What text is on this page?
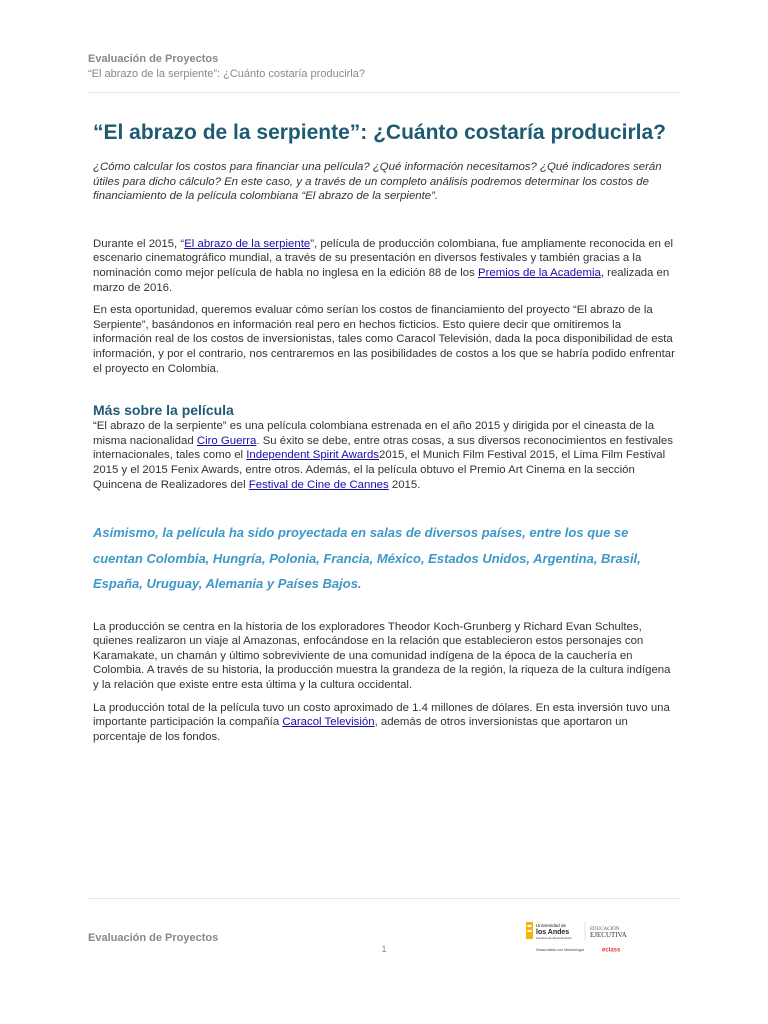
Evaluación de Proyectos
“El abrazo de la serpiente”: ¿Cuánto costaría producirla?
“El abrazo de la serpiente”: ¿Cuánto costaría producirla?

¿Cómo calcular los costos para financiar una película? ¿Qué información necesitamos? ¿Qué indicadores serán útiles para dicho cálculo? En este caso, y a través de un completo análisis podremos determinar los costos de financiamiento de la película colombiana “El abrazo de la serpiente”.

Durante el 2015, “El abrazo de la serpiente”, película de producción colombiana, fue ampliamente reconocida en el escenario cinematográfico mundial, a través de su presentación en diversos festivales y también gracias a la nominación como mejor película de habla no inglesa en la edición 88 de los Premios de la Academia, realizada en marzo de 2016.

En esta oportunidad, queremos evaluar cómo serían los costos de financiamiento del proyecto “El abrazo de la Serpiente”, basándonos en información real pero en hechos ficticios. Esto quiere decir que omitiremos la información real de los costos de inversionistas, tales como Caracol Televisión, dada la poca disponibilidad de esta información, y por el contrario, nos centraremos en las posibilidades de costos a los que se habría podido enfrentar el proyecto en Colombia.

Más sobre la película

“El abrazo de la serpiente” es una película colombiana estrenada en el año 2015 y dirigida por el cineasta de la misma nacionalidad Ciro Guerra. Su éxito se debe, entre otras cosas, a sus diversos reconocimientos en festivales internacionales, tales como el Independent Spirit Awards2015, el Munich Film Festival 2015, el Lima Film Festival 2015 y el 2015 Fenix Awards, entre otros. Además, el la película obtuvo el Premio Art Cinema en la sección Quincena de Realizadores del Festival de Cine de Cannes 2015.

Asimismo, la película ha sido proyectada en salas de diversos países, entre los que se cuentan Colombia, Hungría, Polonia, Francia, México, Estados Unidos, Argentina, Brasil, España, Uruguay, Alemania y Países Bajos.

La producción se centra en la historia de los exploradores Theodor Koch-Grunberg y Richard Evan Schultes, quienes realizaron un viaje al Amazonas, enfocándose en la relación que establecieron estos personajes con Karamakate, un chamán y último sobreviviente de una comunidad indígena de la época de la cauchería en Colombia. A través de su historia, la producción muestra la grandeza de la región, la riqueza de la cultura indígena y la relación que existe entre esta última y la cultura occidental.

La producción total de la película tuvo un costo aproximado de 1.4 millones de dólares. En esta inversión tuvo una importante participación la compañía Caracol Televisión, además de otros inversionistas que aportaron un porcentaje de los fondos.

Evaluación de Proyectos
Universidad de
los Andes
Facultad de Administración
EDUCACIÓN
EJECUTIVA
Desarrollado con Metodología	eclass
1
